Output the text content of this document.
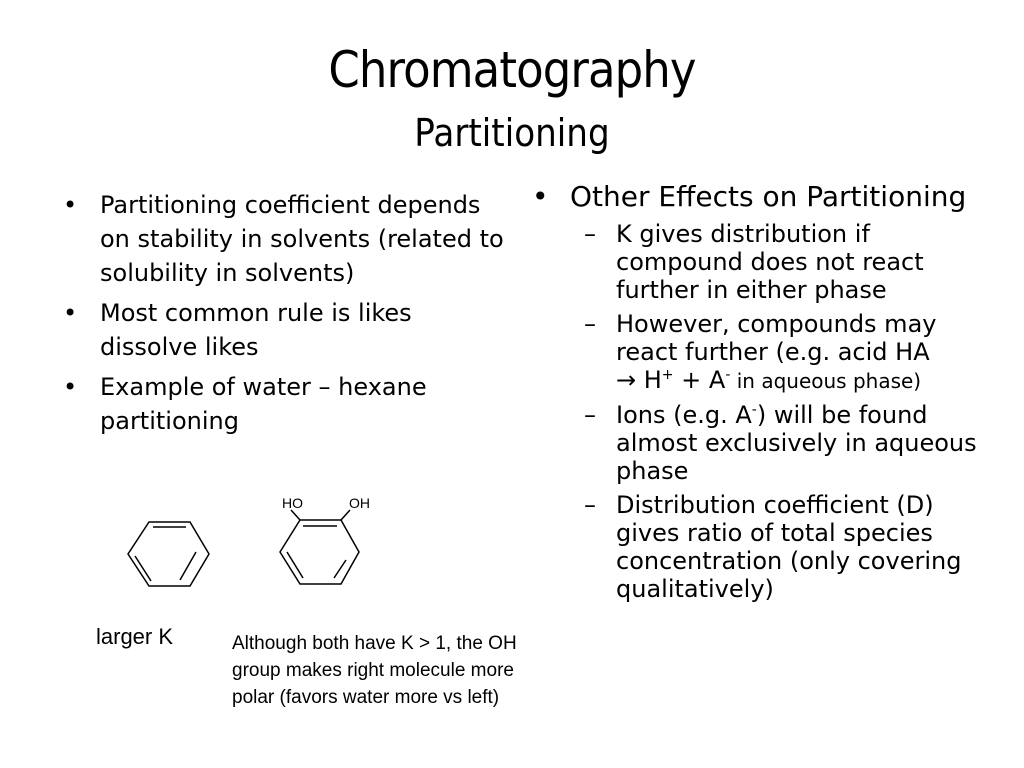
Chromatography
Partitioning
• Partitioning coefficient depends on stability in solvents (related to solubility in solvents)
• Most common rule is likes dissolve likes
• Example of water – hexane partitioning
• Other Effects on Partitioning
– K gives distribution if compound does not react further in either phase
– However, compounds may react further (e.g. acid HA
→ H+ + A- in aqueous phase)
– Ions (e.g. A-) will be found almost exclusively in aqueous phase
– Distribution coefficient (D) gives ratio of total species concentration (only covering qualitatively)
HO	OH
larger K	Although both have K > 1, the OH group makes right molecule more polar (favors water more vs left)
